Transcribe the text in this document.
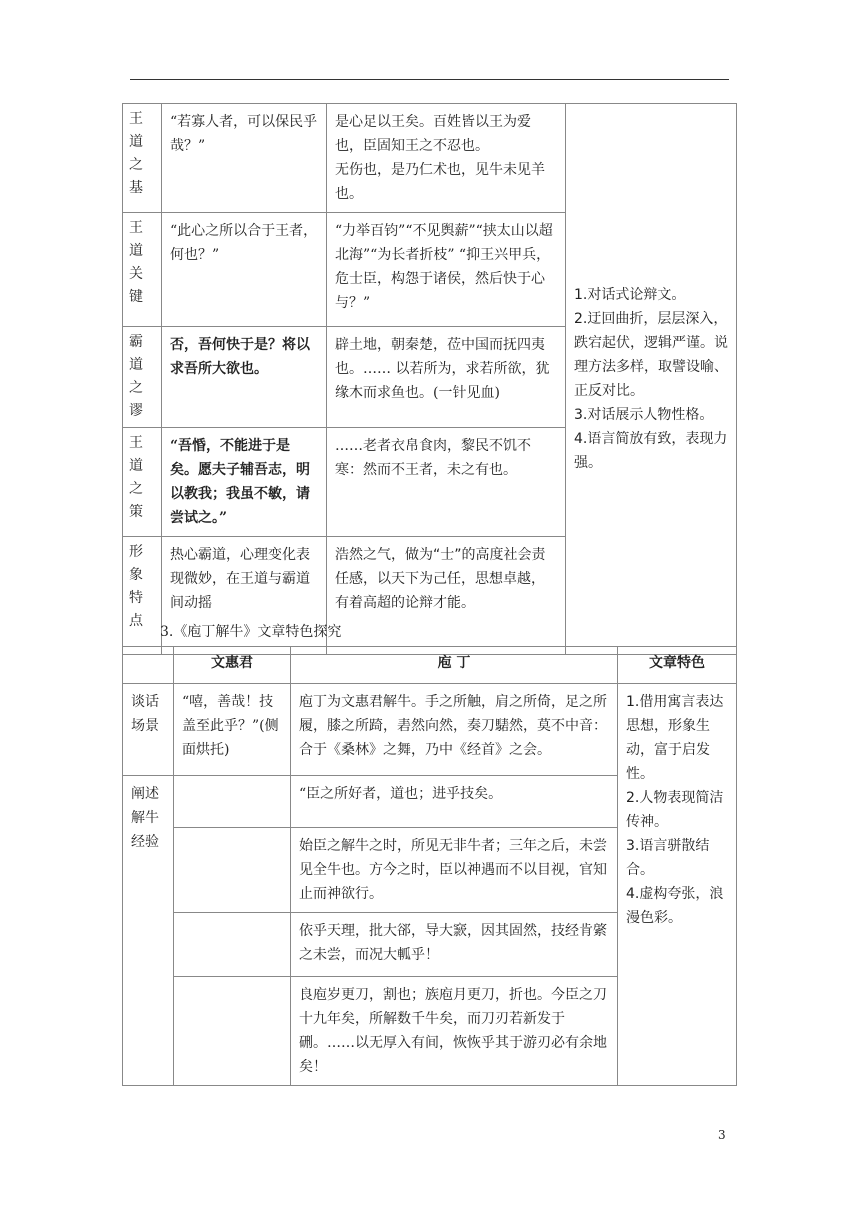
王道之基	“若寡人者，可以保民乎哉？”	是心足以王矣。百姓皆以王为爱也，臣固知王之不忍也。
无伤也，是乃仁术也，见牛未见羊也。	1.对话式论辩文。
2.迂回曲折，层层深入，跌宕起伏，逻辑严谨。说理方法多样，取譬设喻、正反对比。
3.对话展示人物性格。
4.语言简放有致，表现力强。

王道关键	“此心之所以合于王者，何也？”	“力举百钧”“不见舆薪”“挟太山以超北海”“为长者折枝” “抑王兴甲兵，危士臣，构怨于诸侯，然后快于心与？”	
霸道之谬	否，吾何快于是？将以求吾所大欲也。	辟土地，朝秦楚，莅中国而抚四夷也。…… 以若所为，求若所欲，犹缘木而求鱼也。(一针见血)	
王道之策	“吾惛，不能进于是矣。愿夫子辅吾志，明以教我；我虽不敏，请尝试之。”	……老者衣帛食肉，黎民不饥不寒：然而不王者，未之有也。	
形象特点	热心霸道，心理变化表现微妙，在王道与霸道间动摇	浩然之气，做为“士”的高度社会责任感，以天下为己任，思想卓越，有着高超的论辩才能。	
3.《庖丁解牛》文章特色探究
	文惠君	庖 丁	文章特色
谈话场景	“嘻，善哉！技盖至此乎？”(侧面烘托)	庖丁为文惠君解牛。手之所触，肩之所倚，足之所履，膝之所踦，砉然向然，奏刀騞然，莫不中音：合于《桑林》之舞，乃中《经首》之会。	1.借用寓言表达思想，形象生动，富于启发性。
2.人物表现简洁传神。
3.语言骈散结合。
4.虚构夸张，浪漫色彩。

阐述解牛经验		“臣之所好者，道也；进乎技矣。	
		始臣之解牛之时，所见无非牛者；三年之后，未尝见全牛也。方今之时，臣以神遇而不以目视，官知止而神欲行。	
		依乎天理，批大郤，导大窾，因其固然，技经肯綮之未尝，而况大軱乎！	
		良庖岁更刀，割也；族庖月更刀，折也。今臣之刀十九年矣，所解数千牛矣，而刀刃若新发于硎。……以无厚入有间，恢恢乎其于游刃必有余地矣！	
3
